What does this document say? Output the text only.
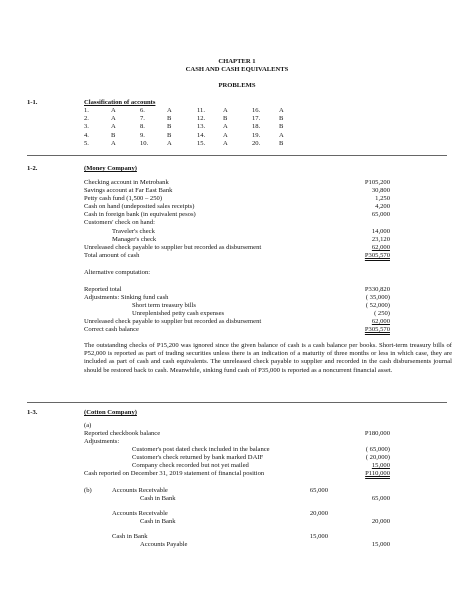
CHAPTER 1
CASH AND CASH EQUIVALENTS
PROBLEMS
1-1.	Classification of accounts
1.	A	6.	A	11.	A	16.	A
2.	A	7.	B	12.	B	17.	B
3.	A	8.	B	13.	A	18.	B
4.	B	9.	B	14.	A	19.	A
5.	A	10.	A	15.	A	20.	B
1-2.	(Money Company)
Checking account in Metrobank	P105,200
Savings account at Far East Bank	30,800
Petty cash fund (1,500 – 250)	1,250
Cash on hand (undeposited sales receipts)	4,200
Cash in foreign bank (in equivalent pesos)	65,000
Customers' check on hand:
Traveler's check	14,000
Manager's check	23,120
Unreleased check payable to supplier but recorded as disbursement	62,000
Total amount of cash	P305,570
Alternative computation:
Reported total	P330,820
Adjustments: Sinking fund cash	( 35,000)
Short term treasury bills	( 52,000)
Unreplenished petty cash expenses	( 250)
Unreleased check payable to supplier but recorded as disbursement	62,000
Correct cash balance	P305,570
The outstanding checks of P15,200 was ignored since the given balance of cash is a cash balance per books. Short-term treasury bills of P52,000 is reported as part of trading securities unless there is an indication of a maturity of three months or less in which case, they are included as part of cash and cash equivalents. The unreleased check payable to supplier and recorded in the cash disbursements journal should be restored back to cash. Meanwhile, sinking fund cash of P35,000 is reported as a noncurrent financial asset.
1-3.	(Cotton Company)
(a)
Reported checkbook balance	P180,000
Adjustments:
Customer's post dated check included in the balance	( 65,000)
Customer's check returned by bank marked DAIF	( 20,000)
Company check recorded but not yet mailed	15,000
Cash reported on December 31, 2019 statement of financial position	P110,000
(b)	Accounts Receivable	65,000
Cash in Bank	65,000
Accounts Receivable	20,000
Cash in Bank	20,000
Cash in Bank	15,000
Accounts Payable	15,000
